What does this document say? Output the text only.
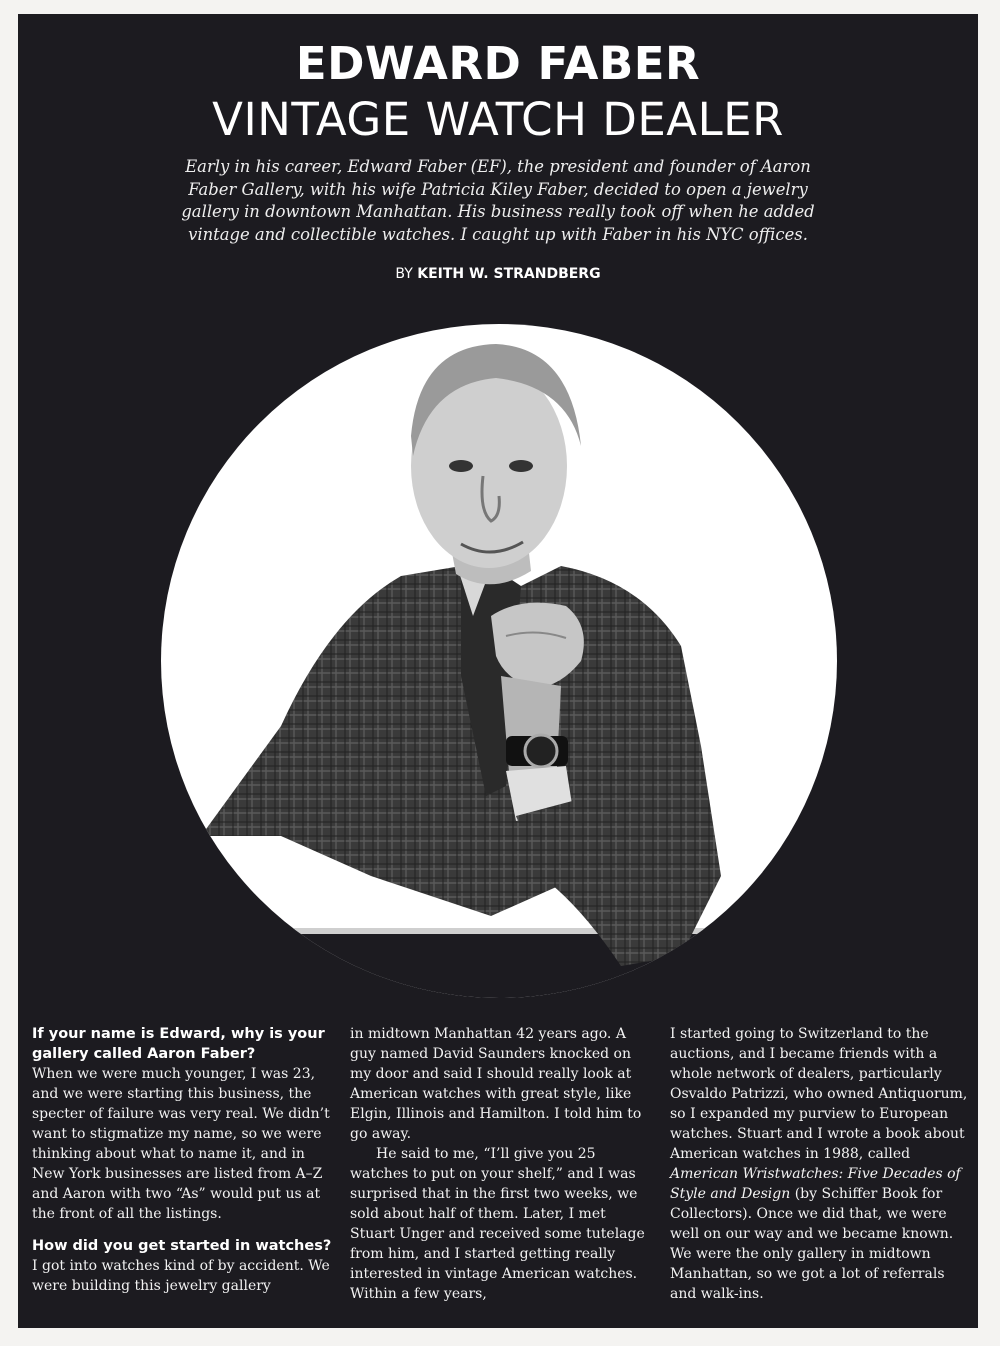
EDWARD FABER
VINTAGE WATCH DEALER
Early in his career, Edward Faber (EF), the president and founder of Aaron Faber Gallery, with his wife Patricia Kiley Faber, decided to open a jewelry gallery in downtown Manhattan. His business really took off when he added vintage and collectible watches. I caught up with Faber in his NYC offices.
BY KEITH W. STRANDBERG

If your name is Edward, why is your gallery called Aaron Faber?

When we were much younger, I was 23, and we were starting this business, the specter of failure was very real. We didn’t want to stigmatize my name, so we were thinking about what to name it, and in New York businesses are listed from A–Z and Aaron with two “As” would put us at the front of all the listings.

How did you get started in watches?

I got into watches kind of by accident. We were building this jewelry gallery

in midtown Manhattan 42 years ago. A guy named David Saunders knocked on my door and said I should really look at American watches with great style, like Elgin, Illinois and Hamilton. I told him to go away.

He said to me, “I’ll give you 25 watches to put on your shelf,” and I was surprised that in the first two weeks, we sold about half of them. Later, I met Stuart Unger and received some tutelage from him, and I started getting really interested in vintage American watches. Within a few years,

I started going to Switzerland to the auctions, and I became friends with a whole network of dealers, particularly Osvaldo Patrizzi, who owned Antiquorum, so I expanded my purview to European watches. Stuart and I wrote a book about American watches in 1988, called American Wristwatches: Five Decades of Style and Design (by Schiffer Book for Collectors). Once we did that, we were well on our way and we became known. We were the only gallery in midtown Manhattan, so we got a lot of referrals and walk-ins.
